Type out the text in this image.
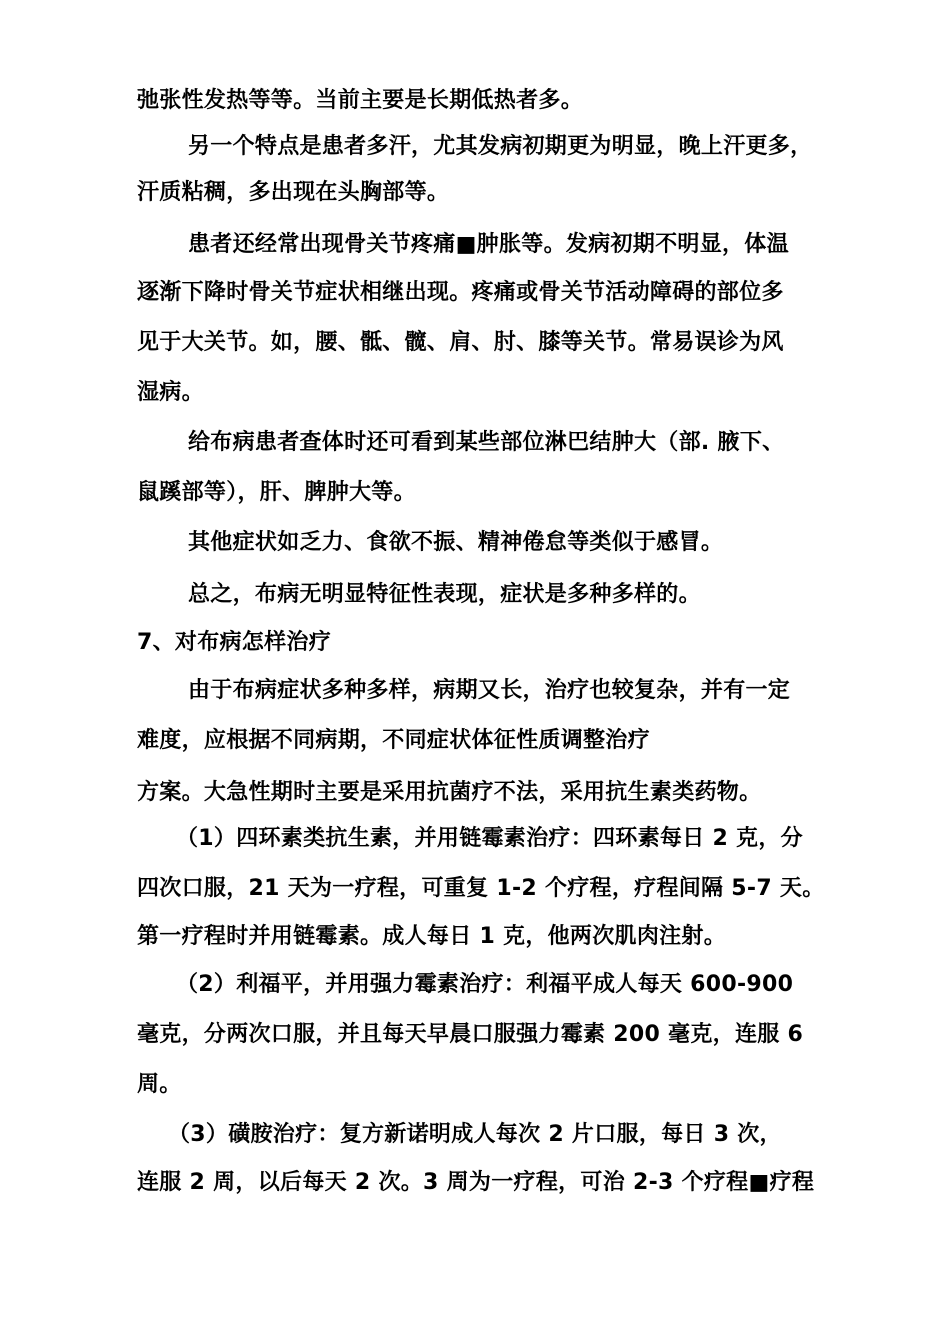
弛张性发热等等。当前主要是长期低热者多。
另一个特点是患者多汗，尤其发病初期更为明显，晚上汗更多，
汗质粘稠，多出现在头胸部等。
患者还经常出现骨关节疼痛■肿胀等。发病初期不明显，体温
逐渐下降时骨关节症状相继出现。疼痛或骨关节活动障碍的部位多
见于大关节。如，腰、骶、髋、肩、肘、膝等关节。常易误诊为风
湿病。
给布病患者查体时还可看到某些部位淋巴结肿大（部. 腋下、
鼠蹊部等），肝、脾肿大等。
其他症状如乏力、食欲不振、精神倦怠等类似于感冒。
总之，布病无明显特征性表现，症状是多种多样的。
7、对布病怎样治疗
由于布病症状多种多样，病期又长，治疗也较复杂，并有一定
难度，应根据不同病期，不同症状体征性质调整治疗
方案。大急性期时主要是采用抗菌疗不法，采用抗生素类药物。
（1）四环素类抗生素，并用链霉素治疗：四环素每日 2 克，分
四次口服，21 天为一疗程，可重复 1-2 个疗程，疗程间隔 5-7 天。
第一疗程时并用链霉素。成人每日 1 克，他两次肌肉注射。
（2）利福平，并用强力霉素治疗：利福平成人每天 600-900
毫克，分两次口服，并且每天早晨口服强力霉素 200 毫克，连服 6
周。
（3）磺胺治疗：复方新诺明成人每次 2 片口服，每日 3 次，
连服 2 周，以后每天 2 次。3 周为一疗程，可治 2-3 个疗程■疗程
